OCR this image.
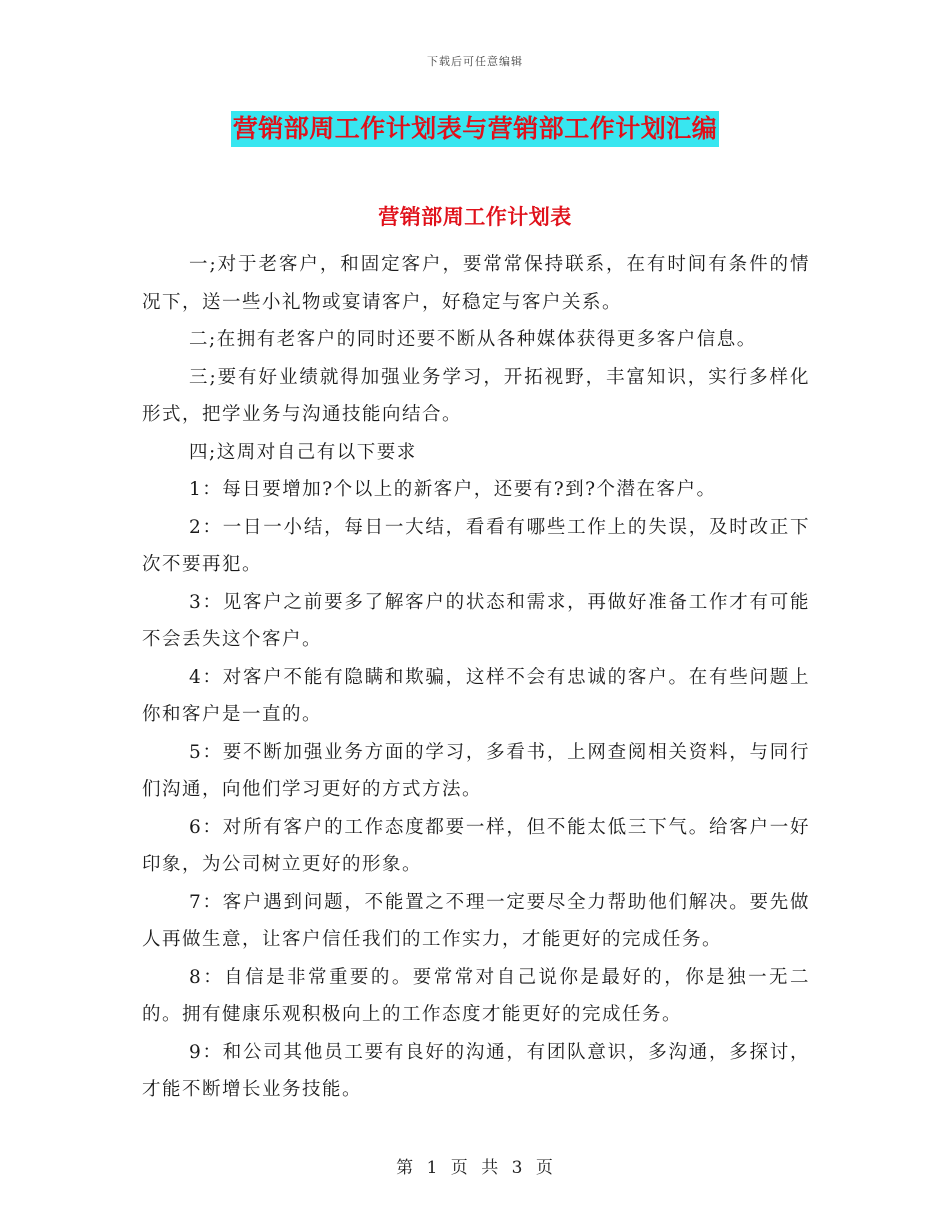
下载后可任意编辑
营销部周工作计划表与营销部工作计划汇编
营销部周工作计划表

一;对于老客户，和固定客户，要常常保持联系，在有时间有条件的情况下，送一些小礼物或宴请客户，好稳定与客户关系。

二;在拥有老客户的同时还要不断从各种媒体获得更多客户信息。

三;要有好业绩就得加强业务学习，开拓视野，丰富知识，实行多样化形式，把学业务与沟通技能向结合。

四;这周对自己有以下要求

1：每日要增加?个以上的新客户，还要有?到?个潜在客户。

2：一日一小结，每日一大结，看看有哪些工作上的失误，及时改正下次不要再犯。

3：见客户之前要多了解客户的状态和需求，再做好准备工作才有可能不会丢失这个客户。

4：对客户不能有隐瞒和欺骗，这样不会有忠诚的客户。在有些问题上你和客户是一直的。

5：要不断加强业务方面的学习，多看书，上网查阅相关资料，与同行们沟通，向他们学习更好的方式方法。

6：对所有客户的工作态度都要一样，但不能太低三下气。给客户一好印象，为公司树立更好的形象。

7：客户遇到问题，不能置之不理一定要尽全力帮助他们解决。要先做人再做生意，让客户信任我们的工作实力，才能更好的完成任务。

8：自信是非常重要的。要常常对自己说你是最好的，你是独一无二的。拥有健康乐观积极向上的工作态度才能更好的完成任务。

9：和公司其他员工要有良好的沟通，有团队意识，多沟通，多探讨，才能不断增长业务技能。

第 1 页 共 3 页
